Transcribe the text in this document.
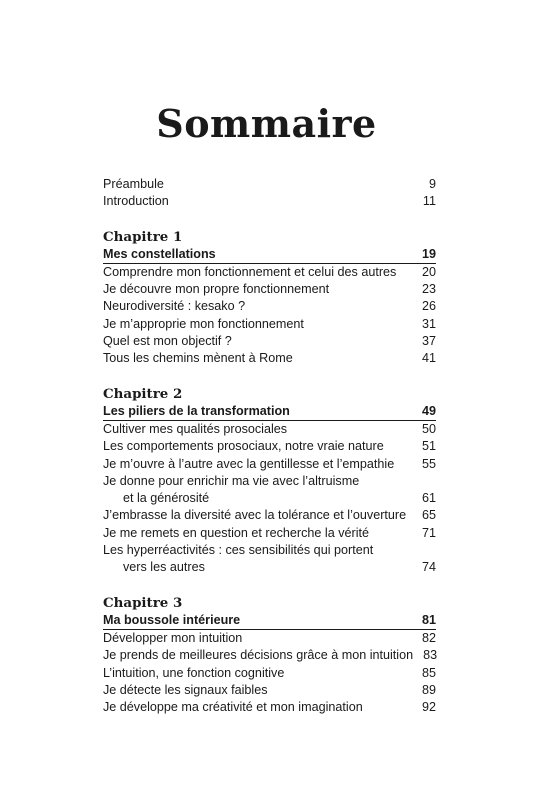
Sommaire
Préambule	9
Introduction	11
Chapitre 1
Mes constellations	19
Comprendre mon fonctionnement et celui des autres	20
Je découvre mon propre fonctionnement	23
Neurodiversité : kesako ?	26
Je m’approprie mon fonctionnement	31
Quel est mon objectif ?	37
Tous les chemins mènent à Rome	41
Chapitre 2
Les piliers de la transformation	49
Cultiver mes qualités prosociales	50
Les comportements prosociaux, notre vraie nature	51
Je m’ouvre à l’autre avec la gentillesse et l’empathie	55
Je donne pour enrichir ma vie avec l’altruisme
et la générosité	61
J’embrasse la diversité avec la tolérance et l’ouverture	65
Je me remets en question et recherche la vérité	71
Les hyperréactivités : ces sensibilités qui portent
vers les autres	74
Chapitre 3
Ma boussole intérieure	81
Développer mon intuition	82
Je prends de meilleures décisions grâce à mon intuition 83
L’intuition, une fonction cognitive	85
Je détecte les signaux faibles	89
Je développe ma créativité et mon imagination	92
